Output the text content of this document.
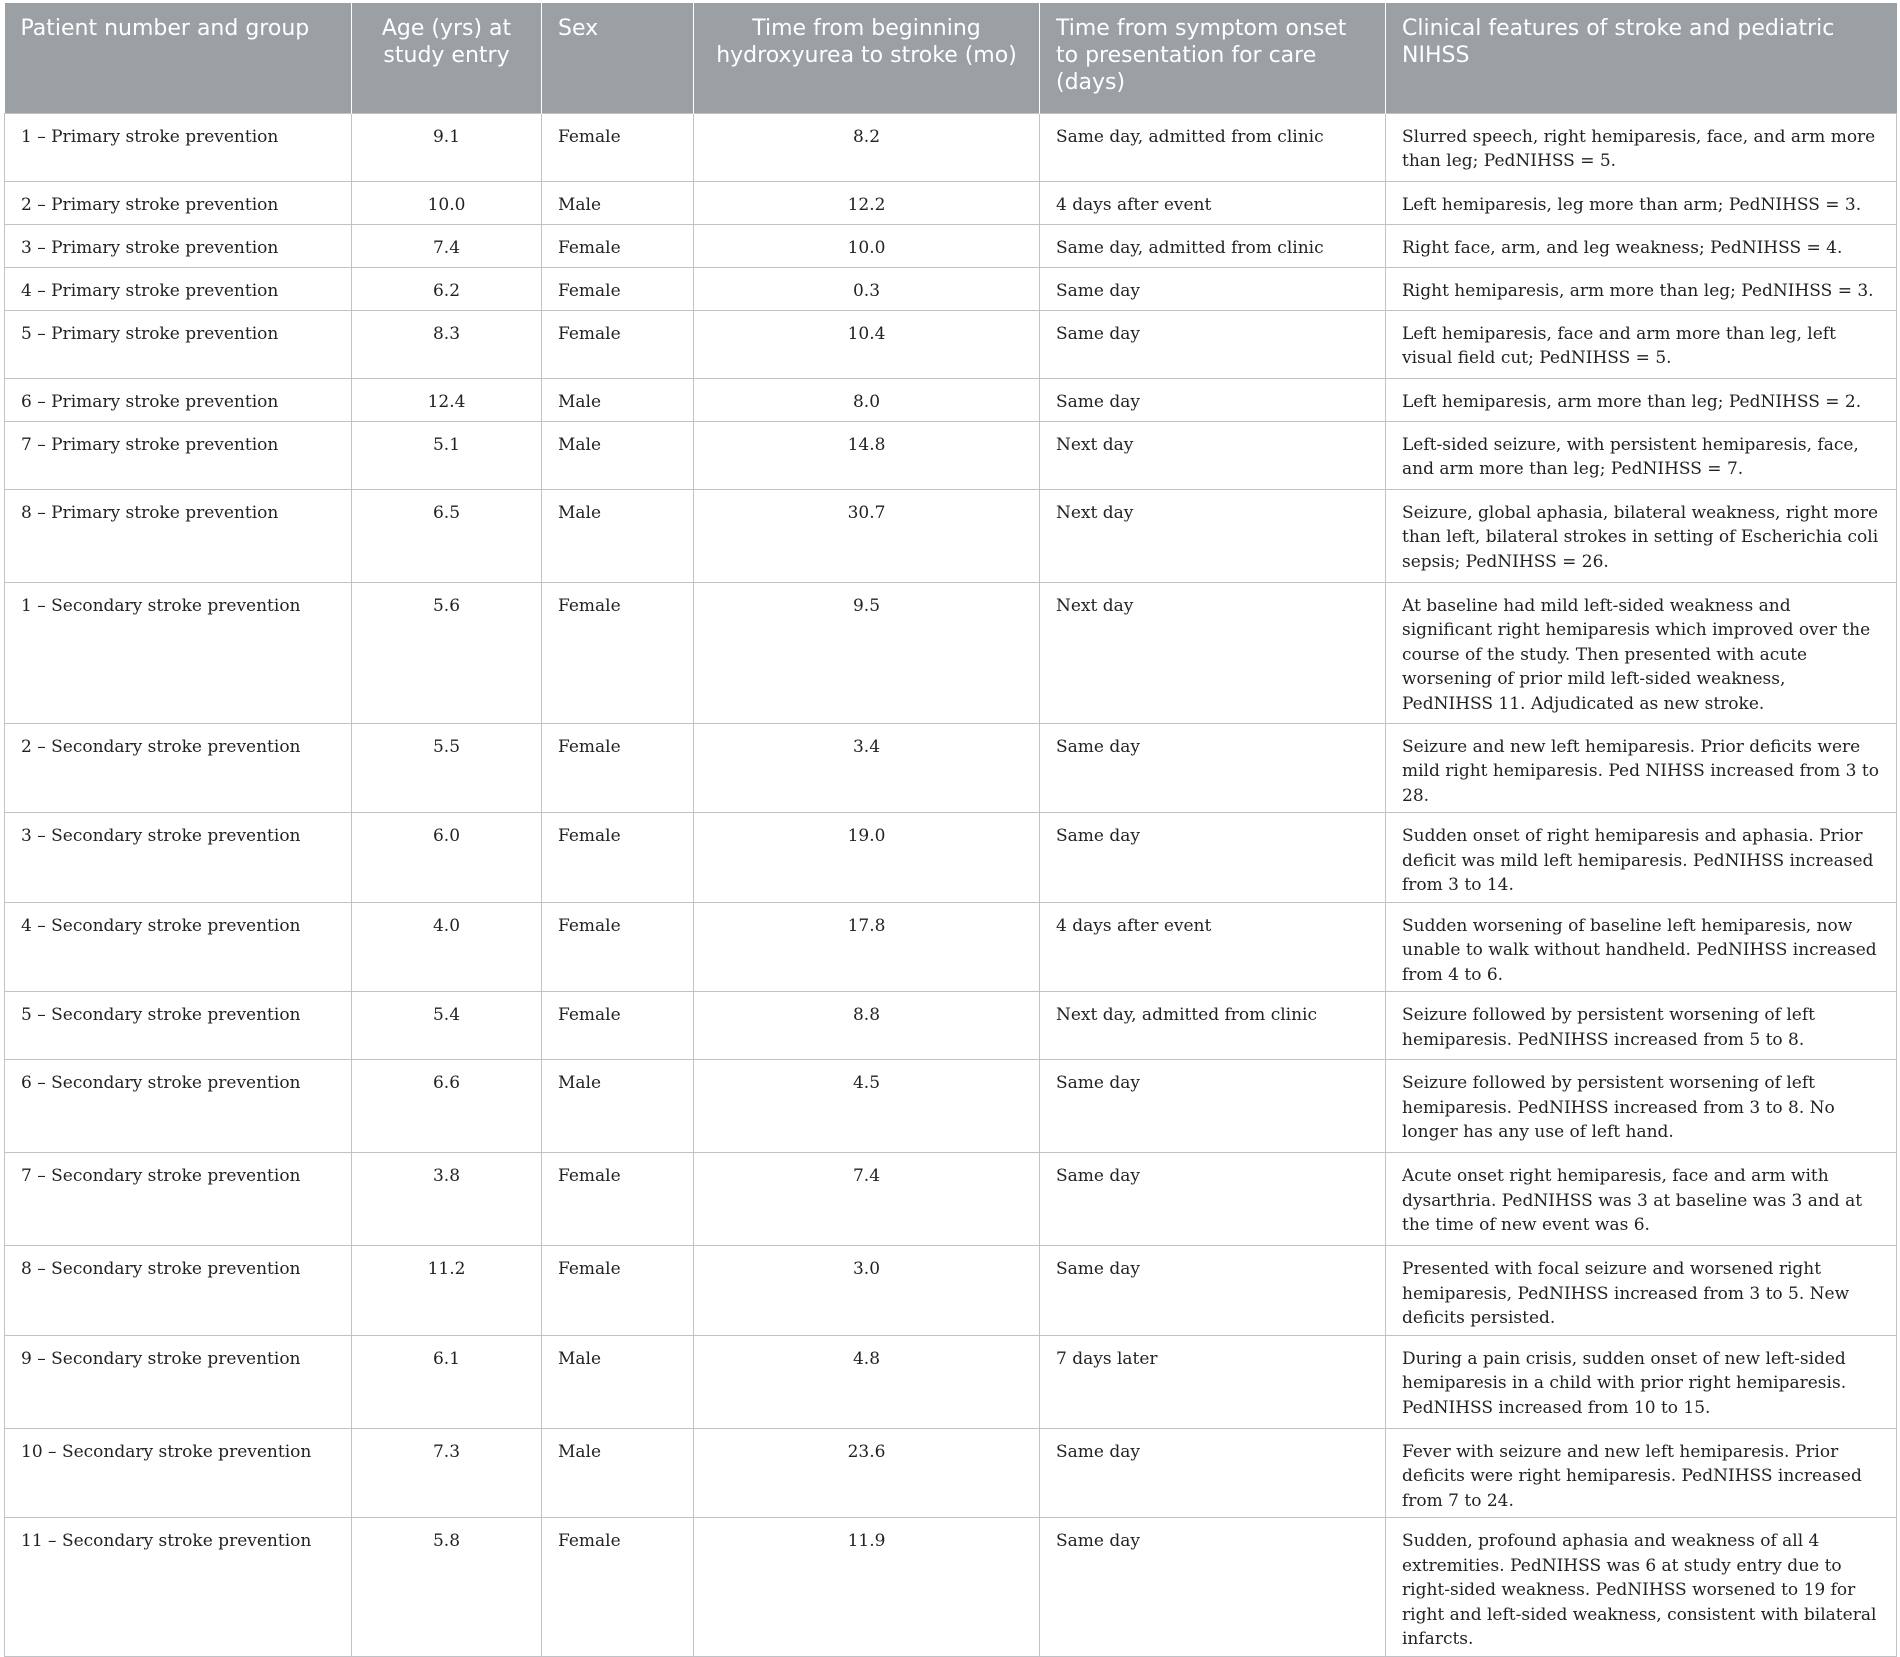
Patient number and group	Age (yrs) at study entry	Sex	Time from beginning hydroxyurea to stroke (mo)	Time from symptom onset to presentation for care (days)	Clinical features of stroke and pediatric NIHSS
1 – Primary stroke prevention	9.1	Female	8.2	Same day, admitted from clinic	Slurred speech, right hemiparesis, face, and arm more than leg; PedNIHSS = 5.
2 – Primary stroke prevention	10.0	Male	12.2	4 days after event	Left hemiparesis, leg more than arm; PedNIHSS = 3.
3 – Primary stroke prevention	7.4	Female	10.0	Same day, admitted from clinic	Right face, arm, and leg weakness; PedNIHSS = 4.
4 – Primary stroke prevention	6.2	Female	0.3	Same day	Right hemiparesis, arm more than leg; PedNIHSS = 3.
5 – Primary stroke prevention	8.3	Female	10.4	Same day	Left hemiparesis, face and arm more than leg, left visual field cut; PedNIHSS = 5.
6 – Primary stroke prevention	12.4	Male	8.0	Same day	Left hemiparesis, arm more than leg; PedNIHSS = 2.
7 – Primary stroke prevention	5.1	Male	14.8	Next day	Left-sided seizure, with persistent hemiparesis, face, and arm more than leg; PedNIHSS = 7.
8 – Primary stroke prevention	6.5	Male	30.7	Next day	Seizure, global aphasia, bilateral weakness, right more than left, bilateral strokes in setting of Escherichia coli sepsis; PedNIHSS = 26.
1 – Secondary stroke prevention	5.6	Female	9.5	Next day	At baseline had mild left-sided weakness and significant right hemiparesis which improved over the course of the study. Then presented with acute worsening of prior mild left-sided weakness, PedNIHSS 11. Adjudicated as new stroke.
2 – Secondary stroke prevention	5.5	Female	3.4	Same day	Seizure and new left hemiparesis. Prior deficits were mild right hemiparesis. Ped NIHSS increased from 3 to 28.
3 – Secondary stroke prevention	6.0	Female	19.0	Same day	Sudden onset of right hemiparesis and aphasia. Prior deficit was mild left hemiparesis. PedNIHSS increased from 3 to 14.
4 – Secondary stroke prevention	4.0	Female	17.8	4 days after event	Sudden worsening of baseline left hemiparesis, now unable to walk without handheld. PedNIHSS increased from 4 to 6.
5 – Secondary stroke prevention	5.4	Female	8.8	Next day, admitted from clinic	Seizure followed by persistent worsening of left hemiparesis. PedNIHSS increased from 5 to 8.
6 – Secondary stroke prevention	6.6	Male	4.5	Same day	Seizure followed by persistent worsening of left hemiparesis. PedNIHSS increased from 3 to 8. No longer has any use of left hand.
7 – Secondary stroke prevention	3.8	Female	7.4	Same day	Acute onset right hemiparesis, face and arm with dysarthria. PedNIHSS was 3 at baseline was 3 and at the time of new event was 6.
8 – Secondary stroke prevention	11.2	Female	3.0	Same day	Presented with focal seizure and worsened right hemiparesis, PedNIHSS increased from 3 to 5. New deficits persisted.
9 – Secondary stroke prevention	6.1	Male	4.8	7 days later	During a pain crisis, sudden onset of new left-sided hemiparesis in a child with prior right hemiparesis. PedNIHSS increased from 10 to 15.
10 – Secondary stroke prevention	7.3	Male	23.6	Same day	Fever with seizure and new left hemiparesis. Prior deficits were right hemiparesis. PedNIHSS increased from 7 to 24.
11 – Secondary stroke prevention	5.8	Female	11.9	Same day	Sudden, profound aphasia and weakness of all 4 extremities. PedNIHSS was 6 at study entry due to right-sided weakness. PedNIHSS worsened to 19 for right and left-sided weakness, consistent with bilateral infarcts.
